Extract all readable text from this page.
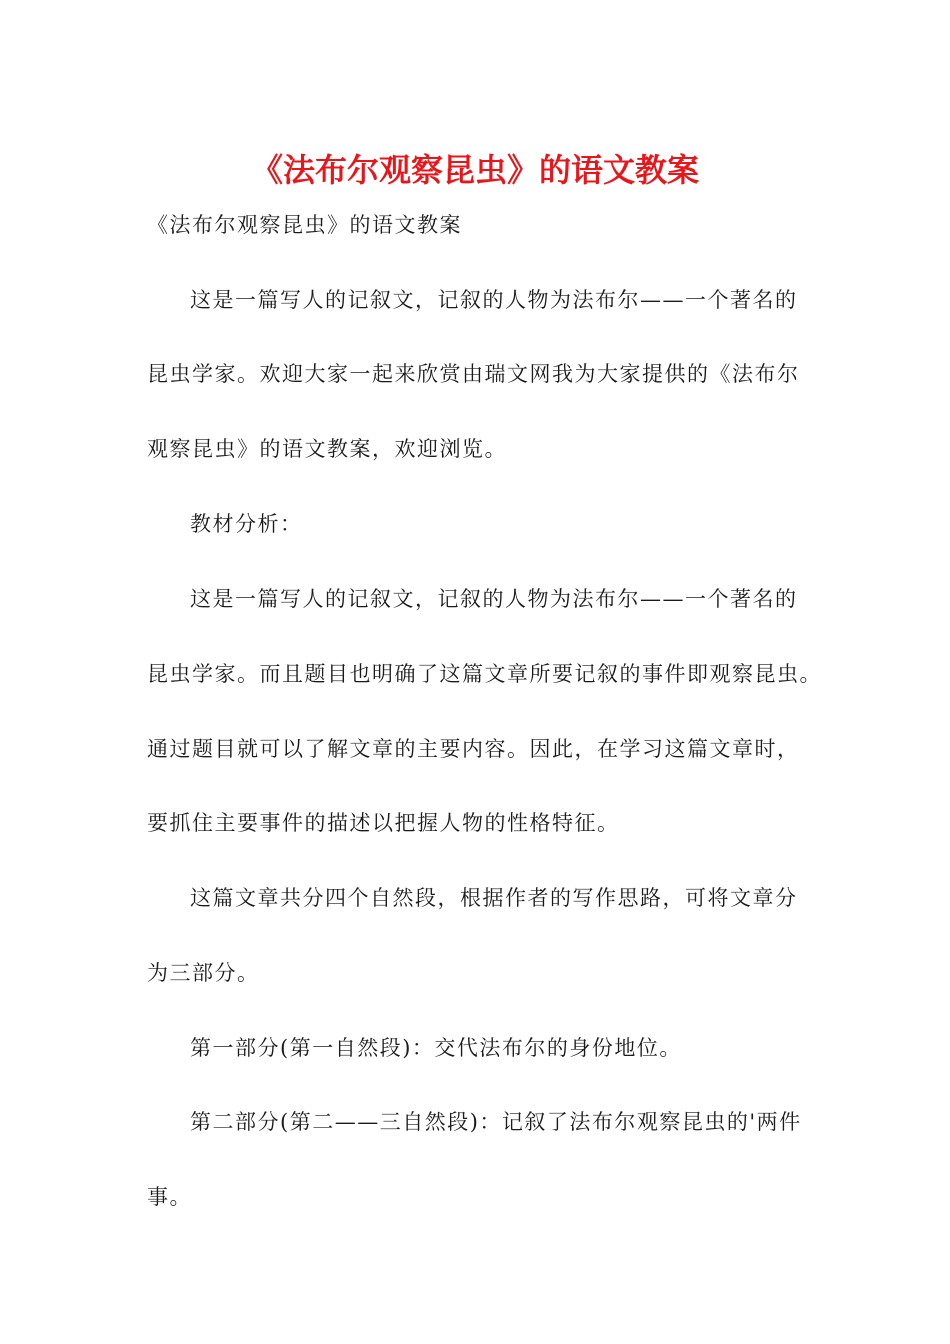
《法布尔观察昆虫》的语文教案

《法布尔观察昆虫》的语文教案

这是一篇写人的记叙文，记叙的人物为法布尔——一个著名的

昆虫学家。欢迎大家一起来欣赏由瑞文网我为大家提供的《法布尔

观察昆虫》的语文教案，欢迎浏览。

教材分析：

这是一篇写人的记叙文，记叙的人物为法布尔——一个著名的

昆虫学家。而且题目也明确了这篇文章所要记叙的事件即观察昆虫。

通过题目就可以了解文章的主要内容。因此，在学习这篇文章时，

要抓住主要事件的描述以把握人物的性格特征。

这篇文章共分四个自然段，根据作者的写作思路，可将文章分

为三部分。

第一部分(第一自然段)：交代法布尔的身份地位。

第二部分(第二——三自然段)：记叙了法布尔观察昆虫的'两件

事。
